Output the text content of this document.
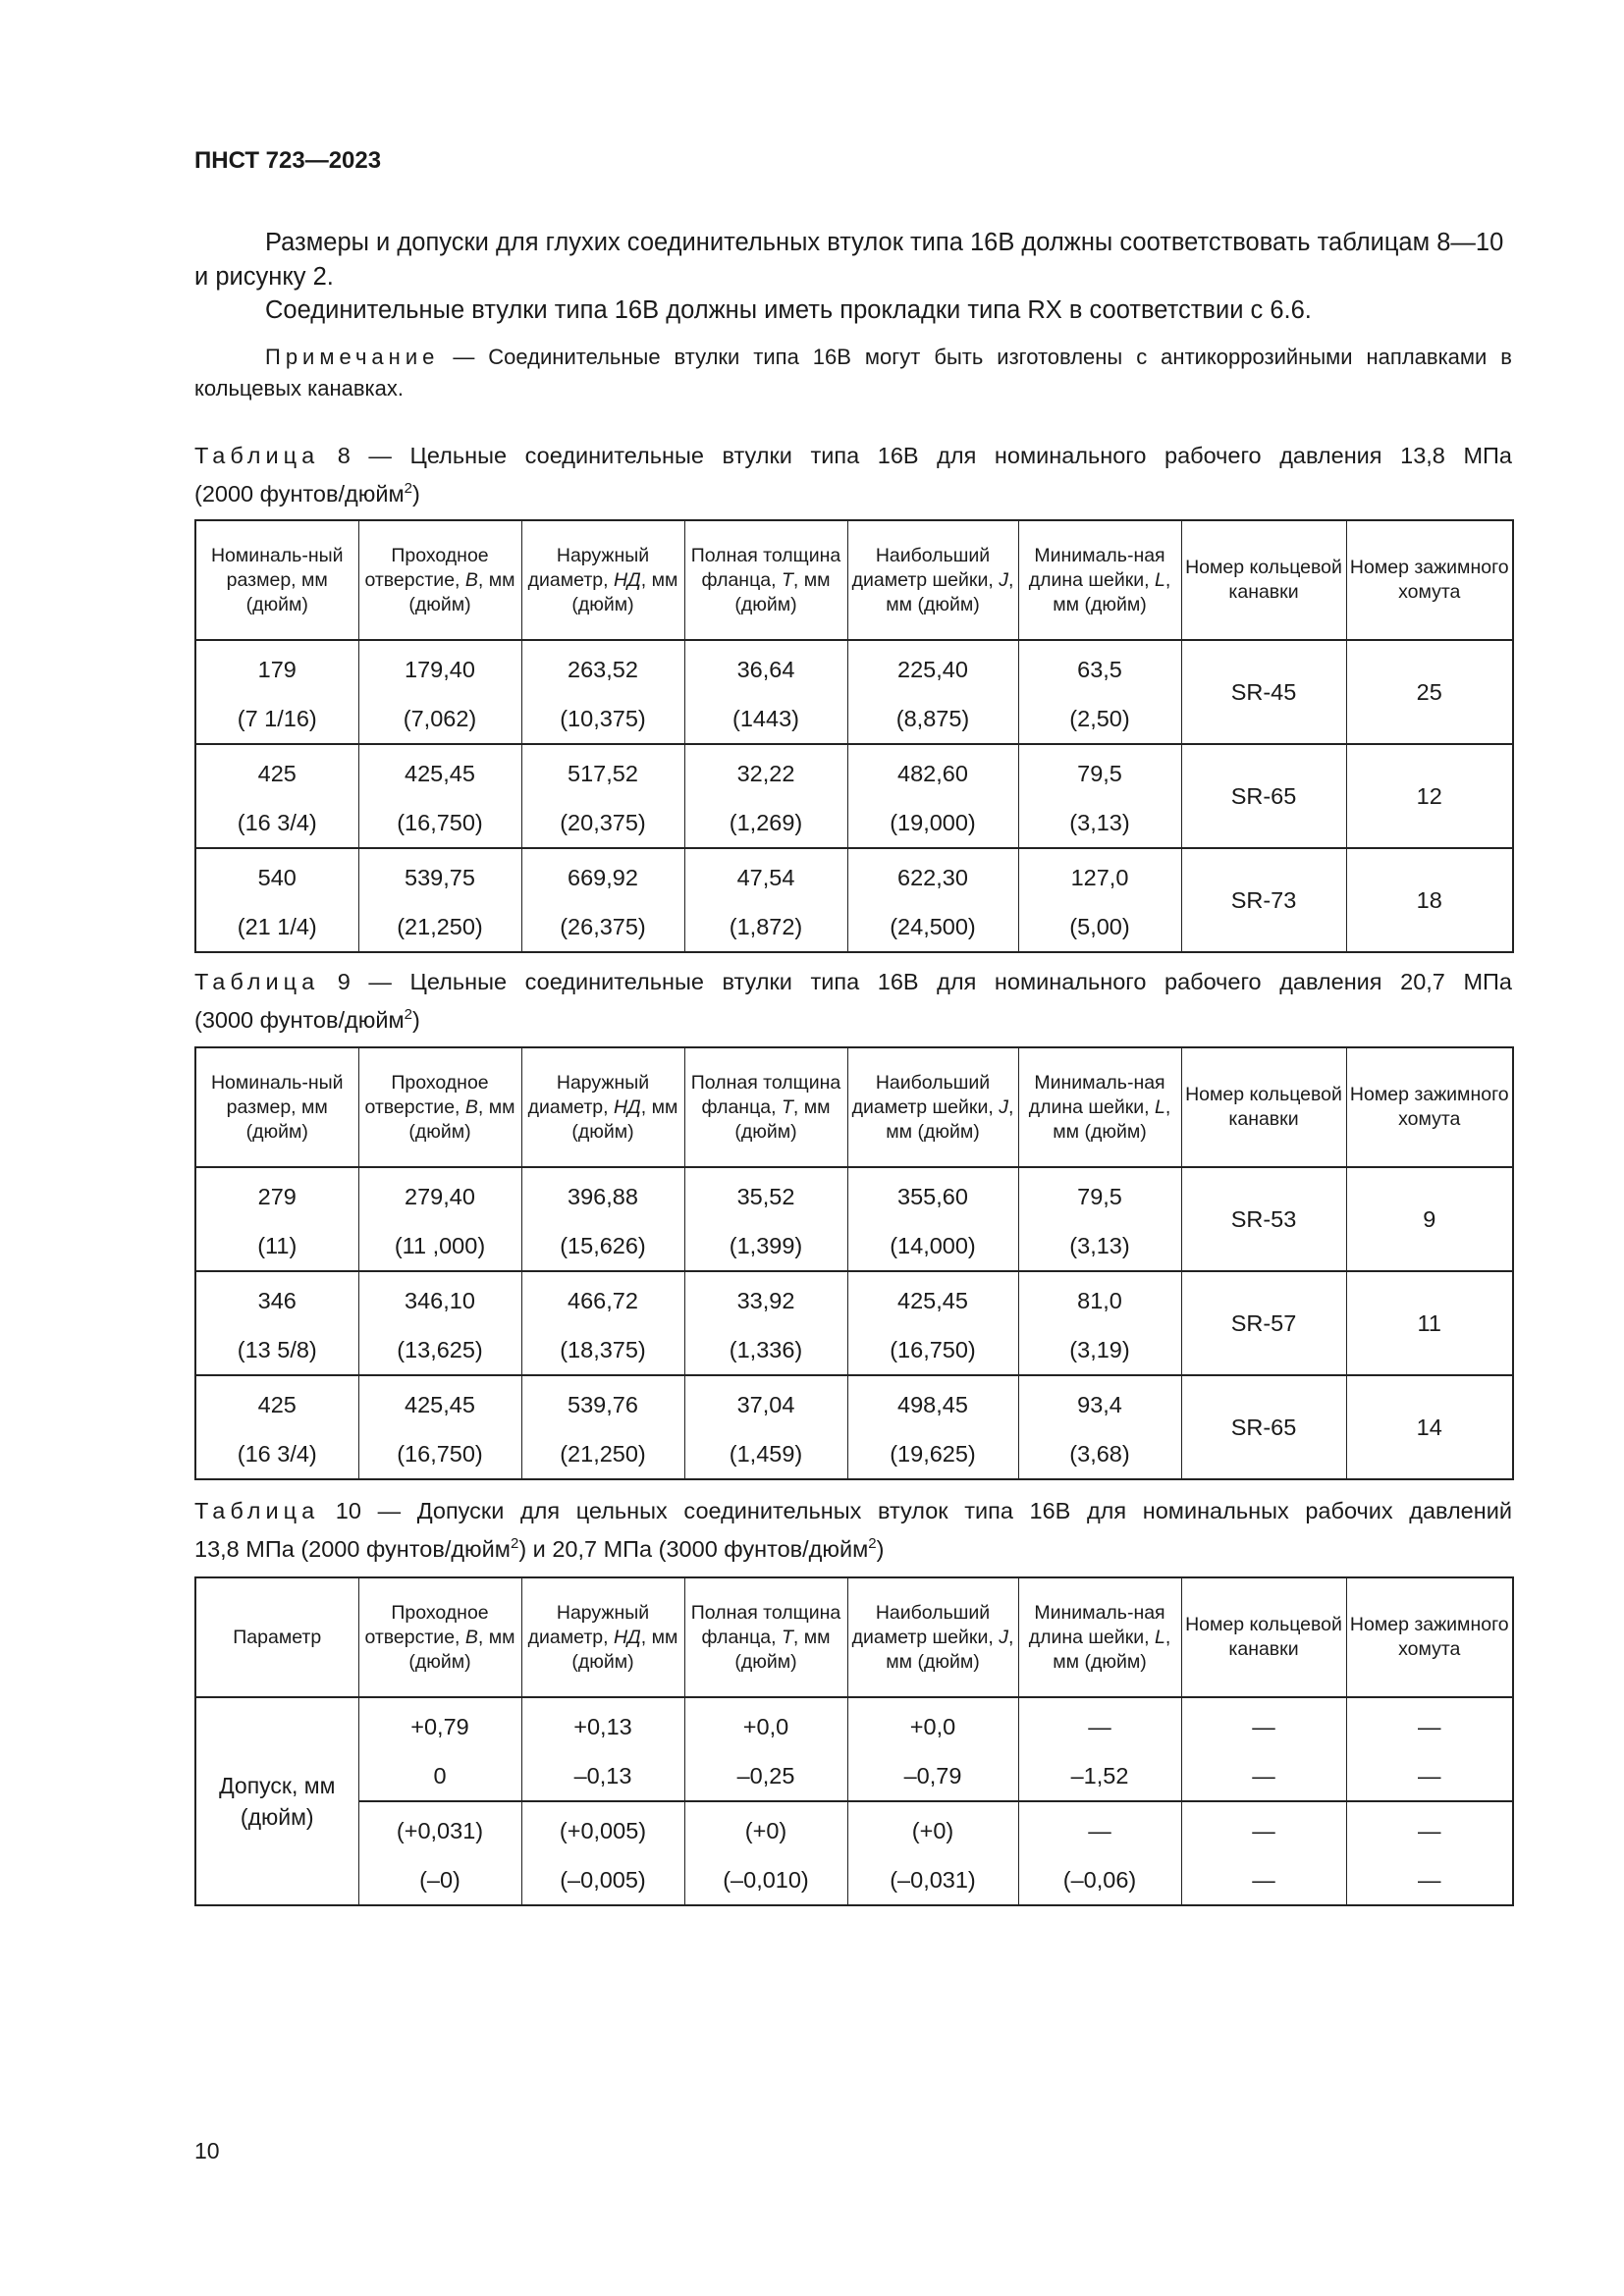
ПНСТ 723—2023
Размеры и допуски для глухих соединительных втулок типа 16В должны соответствовать таблицам 8—10 и рисунку 2.
Соединительные втулки типа 16В должны иметь прокладки типа RX в соответствии с 6.6.
Примечание — Соединительные втулки типа 16В могут быть изготовлены с антикоррозийными наплавками в кольцевых канавках.
Таблица 8 — Цельные соединительные втулки типа 16В для номинального рабочего давления 13,8 МПа
(2000 фунтов/дюйм$^2$)
Номиналь-ный размер, мм (дюйм)	Проходное отверстие, B, мм (дюйм)	Наружный диаметр, НД, мм (дюйм)	Полная толщина фланца, T, мм (дюйм)	Наибольший диаметр шейки, J, мм (дюйм)	Минималь-ная длина шейки, L, мм (дюйм)	Номер кольцевой канавки	Номер зажимного хомута
179	179,40	263,52	36,64	225,40	63,5	SR-45	25
(7 1/16)	(7,062)	(10,375)	(1443)	(8,875)	(2,50)		
425	425,45	517,52	32,22	482,60	79,5	SR-65	12
(16 3/4)	(16,750)	(20,375)	(1,269)	(19,000)	(3,13)		
540	539,75	669,92	47,54	622,30	127,0	SR-73	18
(21 1/4)	(21,250)	(26,375)	(1,872)	(24,500)	(5,00)		
Таблица 9 — Цельные соединительные втулки типа 16В для номинального рабочего давления 20,7 МПа
(3000 фунтов/дюйм$^2$)
Номиналь-ный размер, мм (дюйм)	Проходное отверстие, B, мм (дюйм)	Наружный диаметр, НД, мм (дюйм)	Полная толщина фланца, T, мм (дюйм)	Наибольший диаметр шейки, J, мм (дюйм)	Минималь-ная длина шейки, L, мм (дюйм)	Номер кольцевой канавки	Номер зажимного хомута
279	279,40	396,88	35,52	355,60	79,5	SR-53	9
(11)	(11 ,000)	(15,626)	(1,399)	(14,000)	(3,13)		
346	346,10	466,72	33,92	425,45	81,0	SR-57	11
(13 5/8)	(13,625)	(18,375)	(1,336)	(16,750)	(3,19)		
425	425,45	539,76	37,04	498,45	93,4	SR-65	14
(16 3/4)	(16,750)	(21,250)	(1,459)	(19,625)	(3,68)		
Таблица 10 — Допуски для цельных соединительных втулок типа 16В для номинальных рабочих давлений
13,8 МПа (2000 фунтов/дюйм$^2$) и 20,7 МПа (3000 фунтов/дюйм$^2$)
Параметр	Проходное отверстие, B, мм (дюйм)	Наружный диаметр, НД, мм (дюйм)	Полная толщина фланца, T, мм (дюйм)	Наибольший диаметр шейки, J, мм (дюйм)	Минималь-ная длина шейки, L, мм (дюйм)	Номер кольцевой канавки	Номер зажимного хомута
Допуск, мм (дюйм)	+0,79	+0,13	+0,0	+0,0	—	—	—
	0	–0,13	–0,25	–0,79	–1,52	—	—
	(+0,031)	(+0,005)	(+0)	(+0)	—	—	—
	(–0)	(–0,005)	(–0,010)	(–0,031)	(–0,06)	—	—
10
